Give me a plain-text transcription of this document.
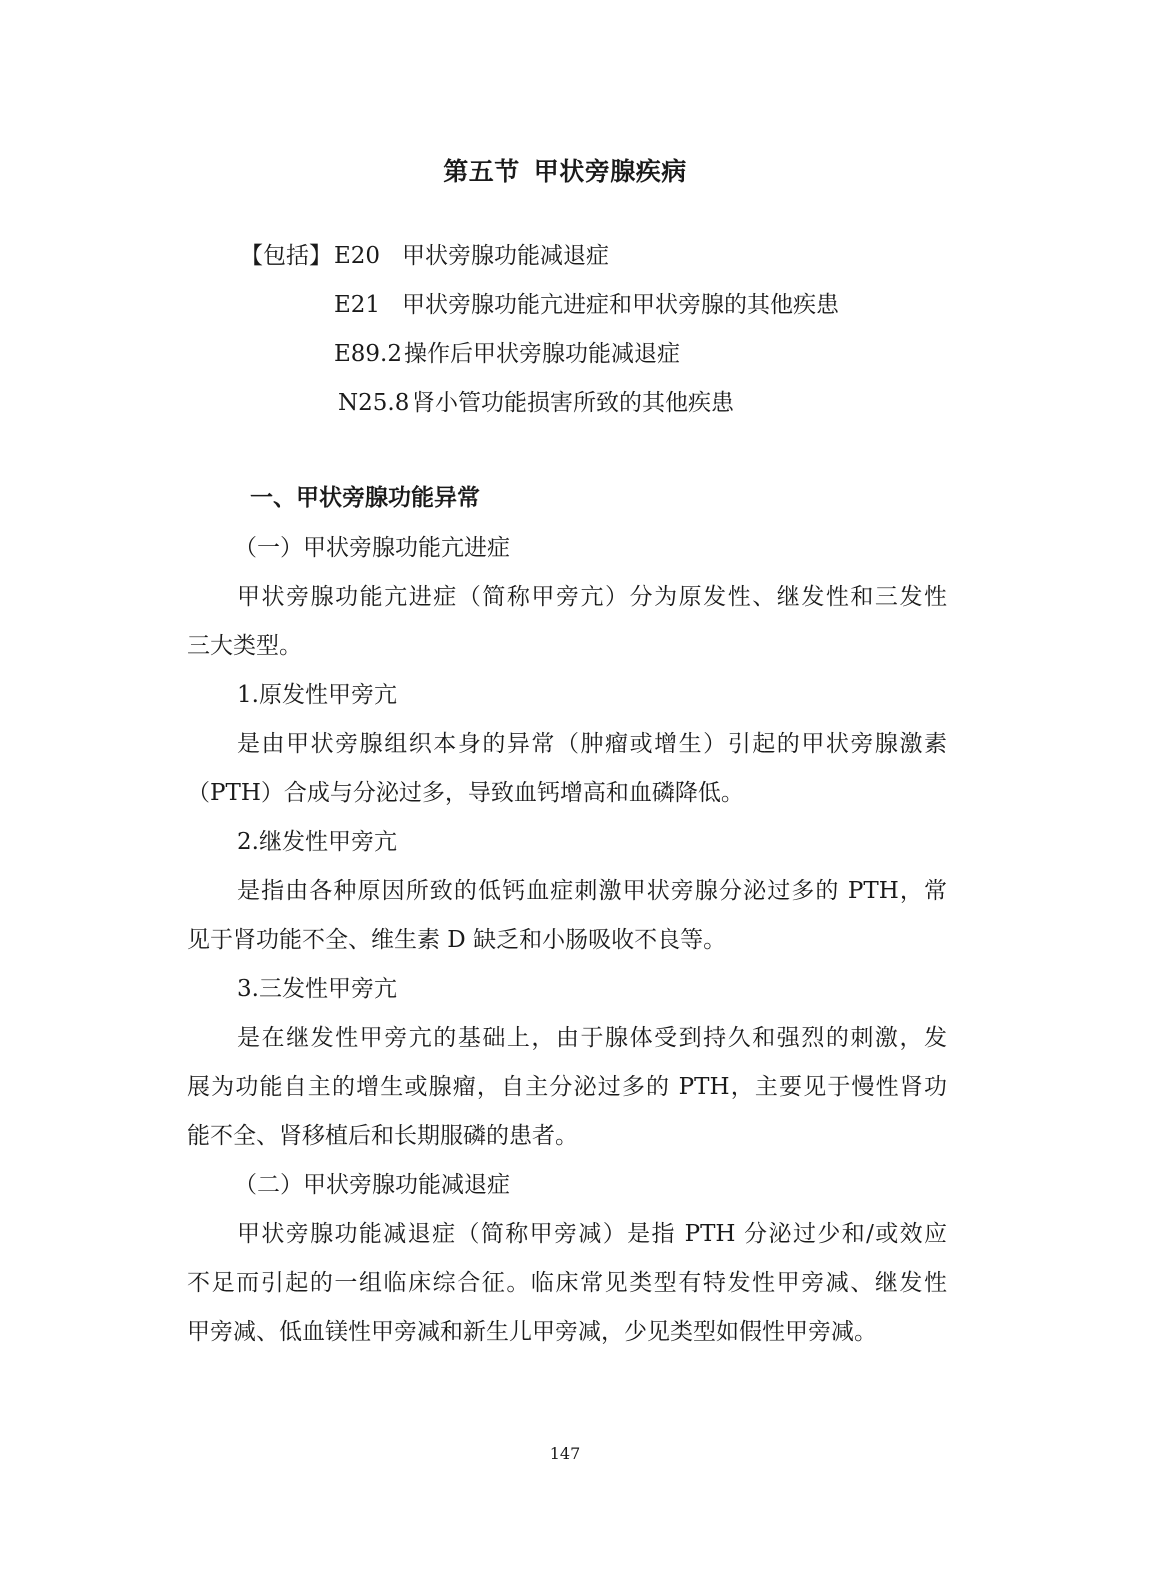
第五节 甲状旁腺疾病
【包括】 E20 甲状旁腺功能减退症
E21 甲状旁腺功能亢进症和甲状旁腺的其他疾患
E89.2 操作后甲状旁腺功能减退症
N25.8 肾小管功能损害所致的其他疾患
一、甲状旁腺功能异常
（一）甲状旁腺功能亢进症
甲状旁腺功能亢进症（简称甲旁亢）分为原发性、继发性和三发性
三大类型。
1.原发性甲旁亢
是由甲状旁腺组织本身的异常（肿瘤或增生）引起的甲状旁腺激素
（PTH）合成与分泌过多，导致血钙增高和血磷降低。
2.继发性甲旁亢
是指由各种原因所致的低钙血症刺激甲状旁腺分泌过多的 PTH，常
见于肾功能不全、维生素 D 缺乏和小肠吸收不良等。
3.三发性甲旁亢
是在继发性甲旁亢的基础上，由于腺体受到持久和强烈的刺激，发
展为功能自主的增生或腺瘤，自主分泌过多的 PTH，主要见于慢性肾功
能不全、肾移植后和长期服磷的患者。
（二）甲状旁腺功能减退症
甲状旁腺功能减退症（简称甲旁减）是指 PTH 分泌过少和/或效应
不足而引起的一组临床综合征。临床常见类型有特发性甲旁减、继发性
甲旁减、低血镁性甲旁减和新生儿甲旁减，少见类型如假性甲旁减。
147
